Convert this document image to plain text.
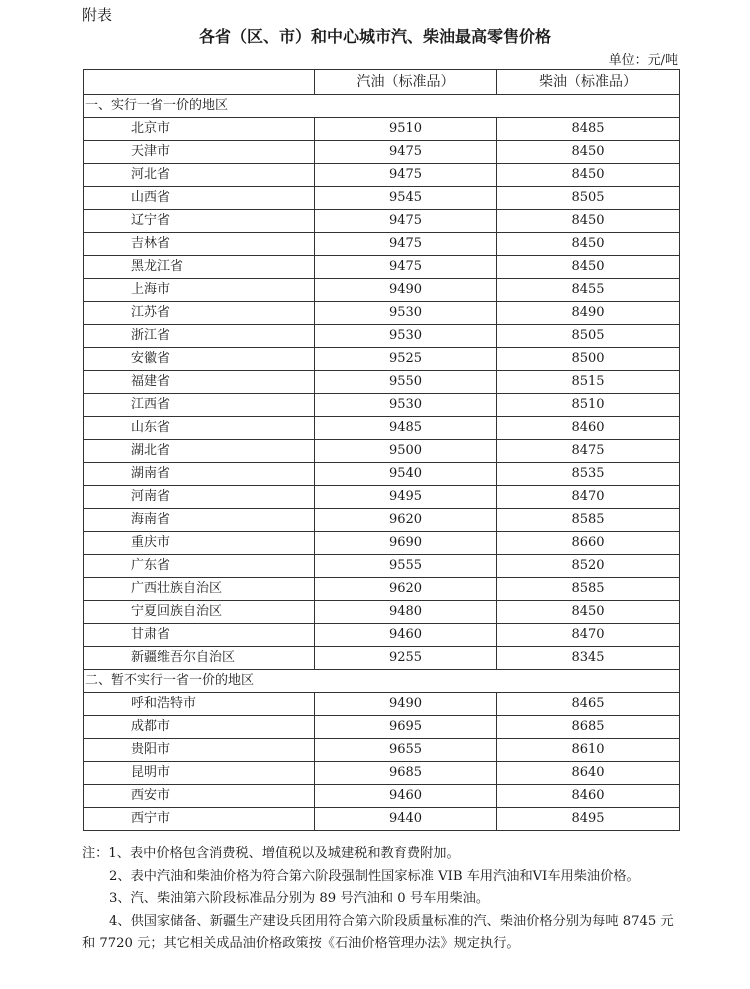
附表
各省（区、市）和中心城市汽、柴油最高零售价格
单位：元/吨
	汽油（标准品）	柴油（标准品）
一、实行一省一价的地区		
北京市	9510	8485
天津市	9475	8450
河北省	9475	8450
山西省	9545	8505
辽宁省	9475	8450
吉林省	9475	8450
黑龙江省	9475	8450
上海市	9490	8455
江苏省	9530	8490
浙江省	9530	8505
安徽省	9525	8500
福建省	9550	8515
江西省	9530	8510
山东省	9485	8460
湖北省	9500	8475
湖南省	9540	8535
河南省	9495	8470
海南省	9620	8585
重庆市	9690	8660
广东省	9555	8520
广西壮族自治区	9620	8585
宁夏回族自治区	9480	8450
甘肃省	9460	8470
新疆维吾尔自治区	9255	8345
二、暂不实行一省一价的地区		
呼和浩特市	9490	8465
成都市	9695	8685
贵阳市	9655	8610
昆明市	9685	8640
西安市	9460	8460
西宁市	9440	8495

注：1、表中价格包含消费税、增值税以及城建税和教育费附加。

2、表中汽油和柴油价格为符合第六阶段强制性国家标准 VIB 车用汽油和VI车用柴油价格。

3、汽、柴油第六阶段标准品分别为 89 号汽油和 0 号车用柴油。

4、供国家储备、新疆生产建设兵团用符合第六阶段质量标准的汽、柴油价格分别为每吨 8745 元和 7720 元；其它相关成品油价格政策按《石油价格管理办法》规定执行。
